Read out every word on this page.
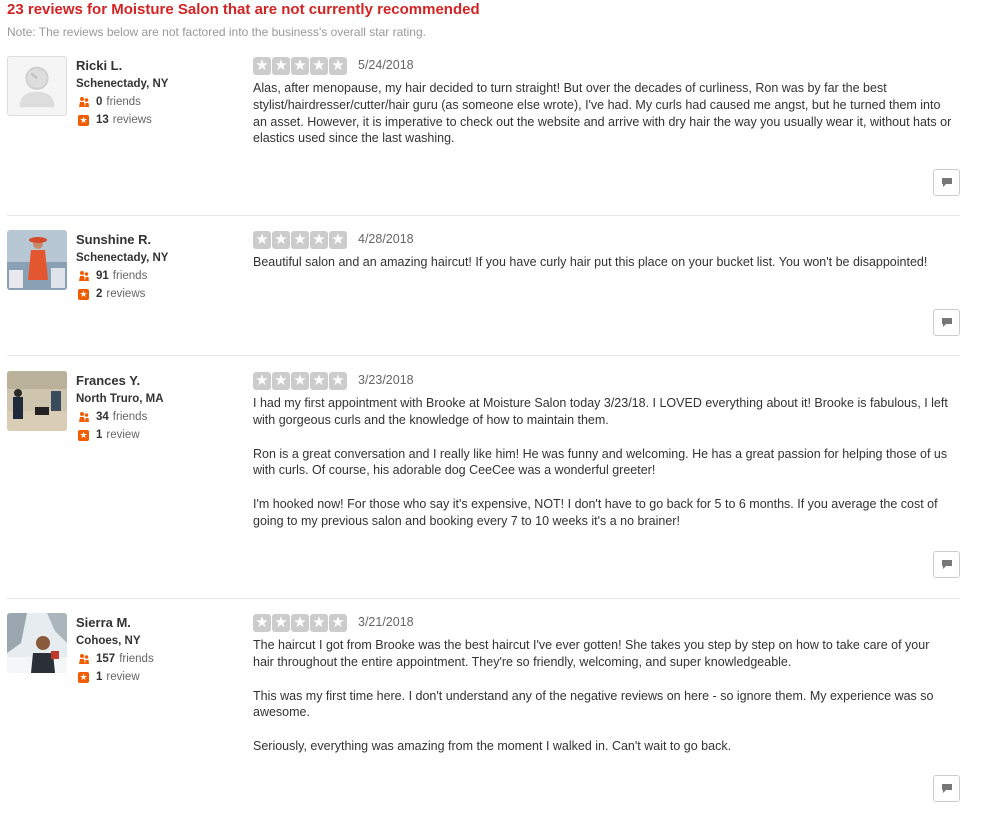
23 reviews for Moisture Salon that are not currently recommended
Note: The reviews below are not factored into the business's overall star rating.
Ricki L.
Schenectady, NY
0 friends
★ 13 reviews
★ ★ ★ ★ ★ 5/24/2018

Alas, after menopause, my hair decided to turn straight! But over the decades of curliness, Ron was by far the best stylist/hairdresser/cutter/hair guru (as someone else wrote), I've had. My curls had caused me angst, but he turned them into an asset. However, it is imperative to check out the website and arrive with dry hair the way you usually wear it, without hats or elastics used since the last washing.

Sunshine R.
Schenectady, NY
91 friends
★ 2 reviews
★ ★ ★ ★ ★ 4/28/2018

Beautiful salon and an amazing haircut! If you have curly hair put this place on your bucket list. You won't be disappointed!

Frances Y.
North Truro, MA
34 friends
★ 1 review
★ ★ ★ ★ ★ 3/23/2018

I had my first appointment with Brooke at Moisture Salon today 3/23/18. I LOVED everything about it! Brooke is fabulous, I left with gorgeous curls and the knowledge of how to maintain them.

Ron is a great conversation and I really like him! He was funny and welcoming. He has a great passion for helping those of us with curls. Of course, his adorable dog CeeCee was a wonderful greeter!

I'm hooked now! For those who say it's expensive, NOT! I don't have to go back for 5 to 6 months. If you average the cost of going to my previous salon and booking every 7 to 10 weeks it's a no brainer!

Sierra M.
Cohoes, NY
157 friends
★ 1 review
★ ★ ★ ★ ★ 3/21/2018

The haircut I got from Brooke was the best haircut I've ever gotten! She takes you step by step on how to take care of your hair throughout the entire appointment. They're so friendly, welcoming, and super knowledgeable.

This was my first time here. I don't understand any of the negative reviews on here - so ignore them. My experience was so awesome.

Seriously, everything was amazing from the moment I walked in. Can't wait to go back.
